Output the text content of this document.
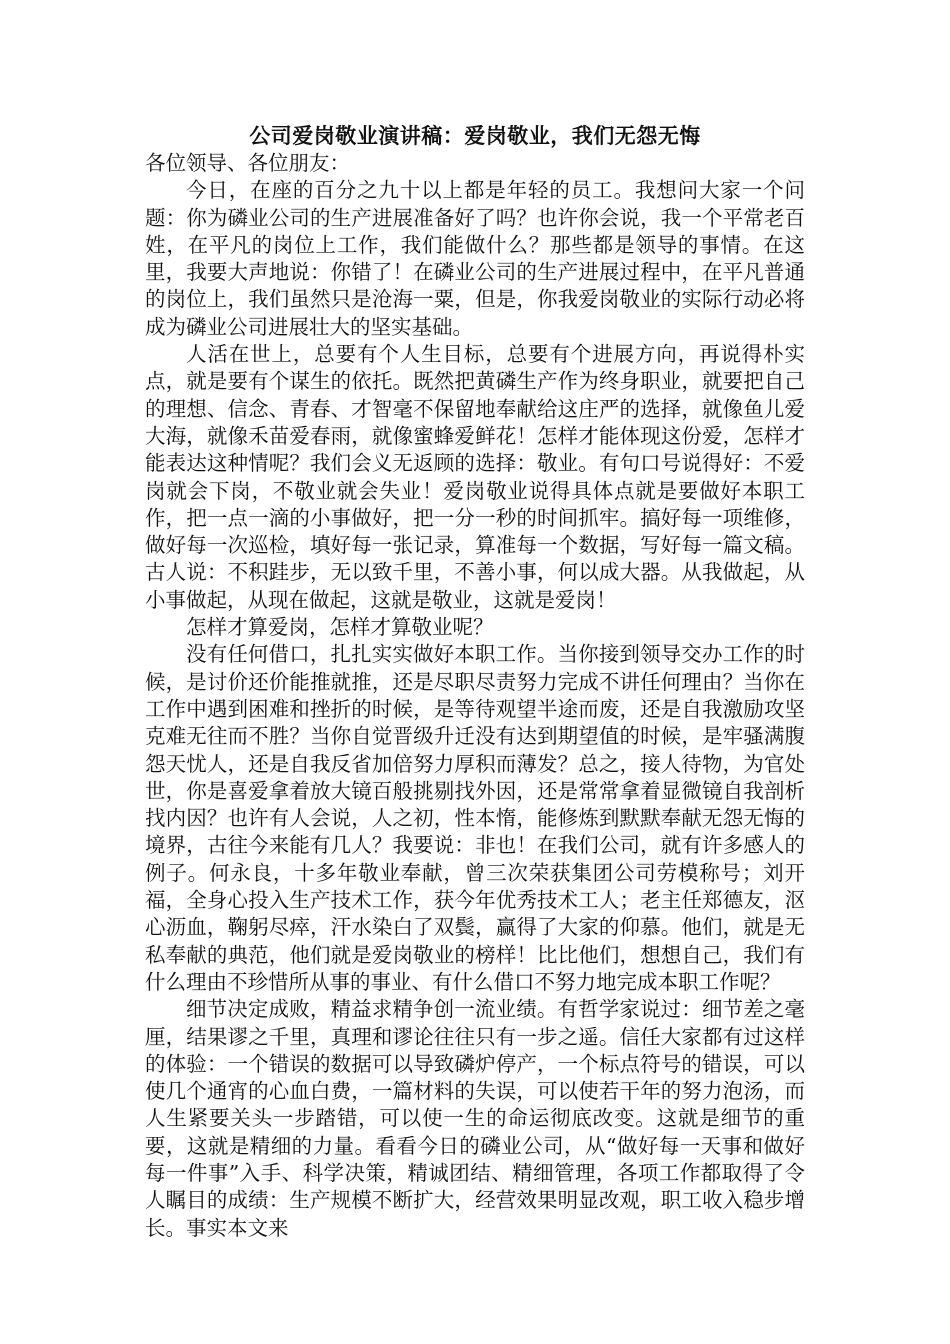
公司爱岗敬业演讲稿：爱岗敬业，我们无怨无悔

各位领导、各位朋友：

今日，在座的百分之九十以上都是年轻的员工。我想问大家一个问题：你为磷业公司的生产进展准备好了吗？也许你会说，我一个平常老百姓，在平凡的岗位上工作，我们能做什么？那些都是领导的事情。在这里，我要大声地说：你错了！在磷业公司的生产进展过程中，在平凡普通的岗位上，我们虽然只是沧海一粟，但是，你我爱岗敬业的实际行动必将成为磷业公司进展壮大的坚实基础。

人活在世上，总要有个人生目标，总要有个进展方向，再说得朴实点，就是要有个谋生的依托。既然把黄磷生产作为终身职业，就要把自己的理想、信念、青春、才智毫不保留地奉献给这庄严的选择，就像鱼儿爱大海，就像禾苗爱春雨，就像蜜蜂爱鲜花！怎样才能体现这份爱，怎样才能表达这种情呢？我们会义无返顾的选择：敬业。有句口号说得好：不爱岗就会下岗，不敬业就会失业！爱岗敬业说得具体点就是要做好本职工作，把一点一滴的小事做好，把一分一秒的时间抓牢。搞好每一项维修，做好每一次巡检，填好每一张记录，算准每一个数据，写好每一篇文稿。古人说：不积跬步，无以致千里，不善小事，何以成大器。从我做起，从小事做起，从现在做起，这就是敬业，这就是爱岗！

怎样才算爱岗，怎样才算敬业呢？

没有任何借口，扎扎实实做好本职工作。当你接到领导交办工作的时候，是讨价还价能推就推，还是尽职尽责努力完成不讲任何理由？当你在工作中遇到困难和挫折的时候，是等待观望半途而废，还是自我激励攻坚克难无往而不胜？当你自觉晋级升迁没有达到期望值的时候，是牢骚满腹怨天忧人，还是自我反省加倍努力厚积而薄发？总之，接人待物，为官处世，你是喜爱拿着放大镜百般挑剔找外因，还是常常拿着显微镜自我剖析找内因？也许有人会说，人之初，性本惰，能修炼到默默奉献无怨无悔的境界，古往今来能有几人？我要说：非也！在我们公司，就有许多感人的例子。何永良，十多年敬业奉献，曾三次荣获集团公司劳模称号；刘开福，全身心投入生产技术工作，获今年优秀技术工人；老主任郑德友，沤心沥血，鞠躬尽瘁，汗水染白了双鬓，赢得了大家的仰慕。他们，就是无私奉献的典范，他们就是爱岗敬业的榜样！比比他们，想想自己，我们有什么理由不珍惜所从事的事业、有什么借口不努力地完成本职工作呢？

细节决定成败，精益求精争创一流业绩。有哲学家说过：细节差之毫厘，结果谬之千里，真理和谬论往往只有一步之遥。信任大家都有过这样的体验：一个错误的数据可以导致磷炉停产，一个标点符号的错误，可以使几个通宵的心血白费，一篇材料的失误，可以使若干年的努力泡汤，而人生紧要关头一步踏错，可以使一生的命运彻底改变。这就是细节的重要，这就是精细的力量。看看今日的磷业公司，从“做好每一天事和做好每一件事”入手、科学决策，精诚团结、精细管理，各项工作都取得了令人瞩目的成绩：生产规模不断扩大，经营效果明显改观，职工收入稳步增长。事实本文来
